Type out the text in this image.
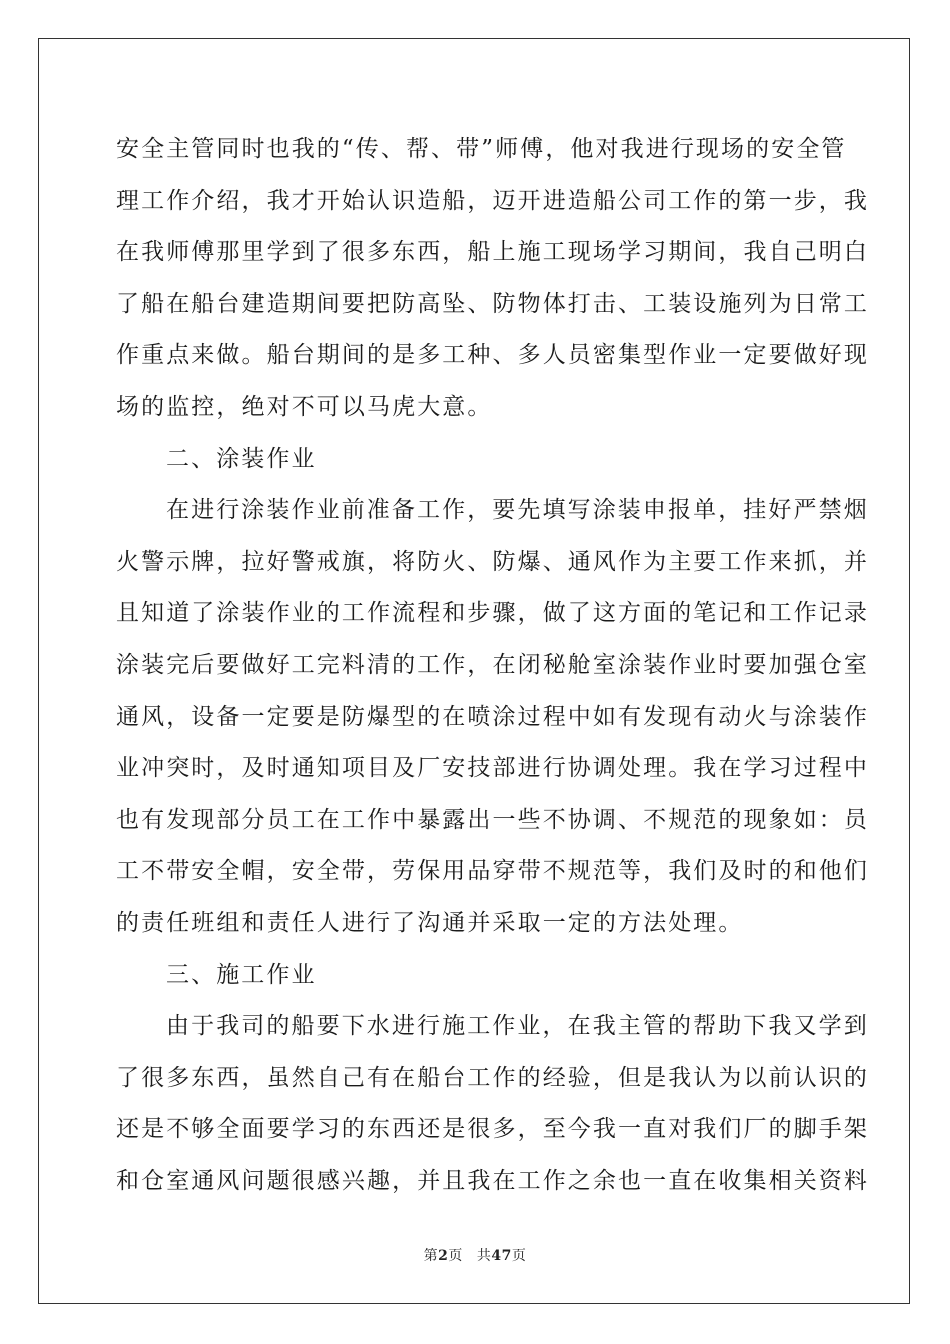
安全主管同时也我的“传、帮、带”师傅，他对我进行现场的安全管
理工作介绍，我才开始认识造船，迈开进造船公司工作的第一步，我
在我师傅那里学到了很多东西，船上施工现场学习期间，我自己明白
了船在船台建造期间要把防高坠、防物体打击、工装设施列为日常工
作重点来做。船台期间的是多工种、多人员密集型作业一定要做好现
场的监控，绝对不可以马虎大意。
二、涂装作业
在进行涂装作业前准备工作，要先填写涂装申报单，挂好严禁烟
火警示牌，拉好警戒旗，将防火、防爆、通风作为主要工作来抓，并
且知道了涂装作业的工作流程和步骤，做了这方面的笔记和工作记录
涂装完后要做好工完料清的工作，在闭秘舱室涂装作业时要加强仓室
通风，设备一定要是防爆型的在喷涂过程中如有发现有动火与涂装作
业冲突时，及时通知项目及厂安技部进行协调处理。我在学习过程中
也有发现部分员工在工作中暴露出一些不协调、不规范的现象如：员
工不带安全帽，安全带，劳保用品穿带不规范等，我们及时的和他们
的责任班组和责任人进行了沟通并采取一定的方法处理。
三、施工作业
由于我司的船要下水进行施工作业，在我主管的帮助下我又学到
了很多东西，虽然自己有在船台工作的经验，但是我认为以前认识的
还是不够全面要学习的东西还是很多，至今我一直对我们厂的脚手架
和仓室通风问题很感兴趣，并且我在工作之余也一直在收集相关资料
第2页 共47页
